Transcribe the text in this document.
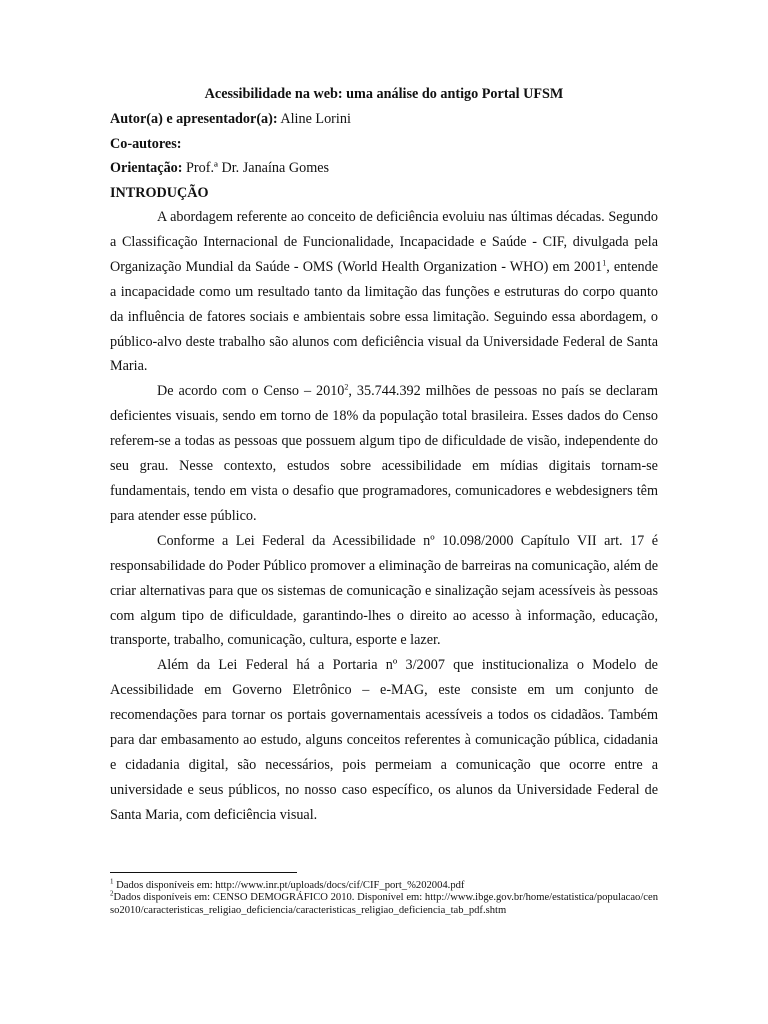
Acessibilidade na web: uma análise do antigo Portal UFSM
Autor(a) e apresentador(a): Aline Lorini
Co-autores:
Orientação: Prof.ª Dr. Janaína Gomes
INTRODUÇÃO

A abordagem referente ao conceito de deficiência evoluiu nas últimas décadas. Segundo a Classificação Internacional de Funcionalidade, Incapacidade e Saúde - CIF, divulgada pela Organização Mundial da Saúde - OMS (World Health Organization - WHO) em 2001$^1$, entende a incapacidade como um resultado tanto da limitação das funções e estruturas do corpo quanto da influência de fatores sociais e ambientais sobre essa limitação. Seguindo essa abordagem, o público-alvo deste trabalho são alunos com deficiência visual da Universidade Federal de Santa Maria.

De acordo com o Censo – 2010$^2$, 35.744.392 milhões de pessoas no país se declaram deficientes visuais, sendo em torno de 18% da população total brasileira. Esses dados do Censo referem-se a todas as pessoas que possuem algum tipo de dificuldade de visão, independente do seu grau. Nesse contexto, estudos sobre acessibilidade em mídias digitais tornam-se fundamentais, tendo em vista o desafio que programadores, comunicadores e webdesigners têm para atender esse público.

Conforme a Lei Federal da Acessibilidade nº 10.098/2000 Capítulo VII art. 17 é responsabilidade do Poder Público promover a eliminação de barreiras na comunicação, além de criar alternativas para que os sistemas de comunicação e sinalização sejam acessíveis às pessoas com algum tipo de dificuldade, garantindo-lhes o direito ao acesso à informação, educação, transporte, trabalho, comunicação, cultura, esporte e lazer.

Além da Lei Federal há a Portaria nº 3/2007 que institucionaliza o Modelo de Acessibilidade em Governo Eletrônico – e-MAG, este consiste em um conjunto de recomendações para tornar os portais governamentais acessíveis a todos os cidadãos. Também para dar embasamento ao estudo, alguns conceitos referentes à comunicação pública, cidadania e cidadania digital, são necessários, pois permeiam a comunicação que ocorre entre a universidade e seus públicos, no nosso caso específico, os alunos da Universidade Federal de Santa Maria, com deficiência visual.

$^1$ Dados disponíveis em: http://www.inr.pt/uploads/docs/cif/CIF_port_%202004.pdf
$^2$Dados disponíveis em: CENSO DEMOGRÁFICO 2010. Disponível em: http://www.ibge.gov.br/home/estatistica/populacao/censo2010/caracteristicas_religiao_deficiencia/caracteristicas_religiao_deficiencia_tab_pdf.shtm
